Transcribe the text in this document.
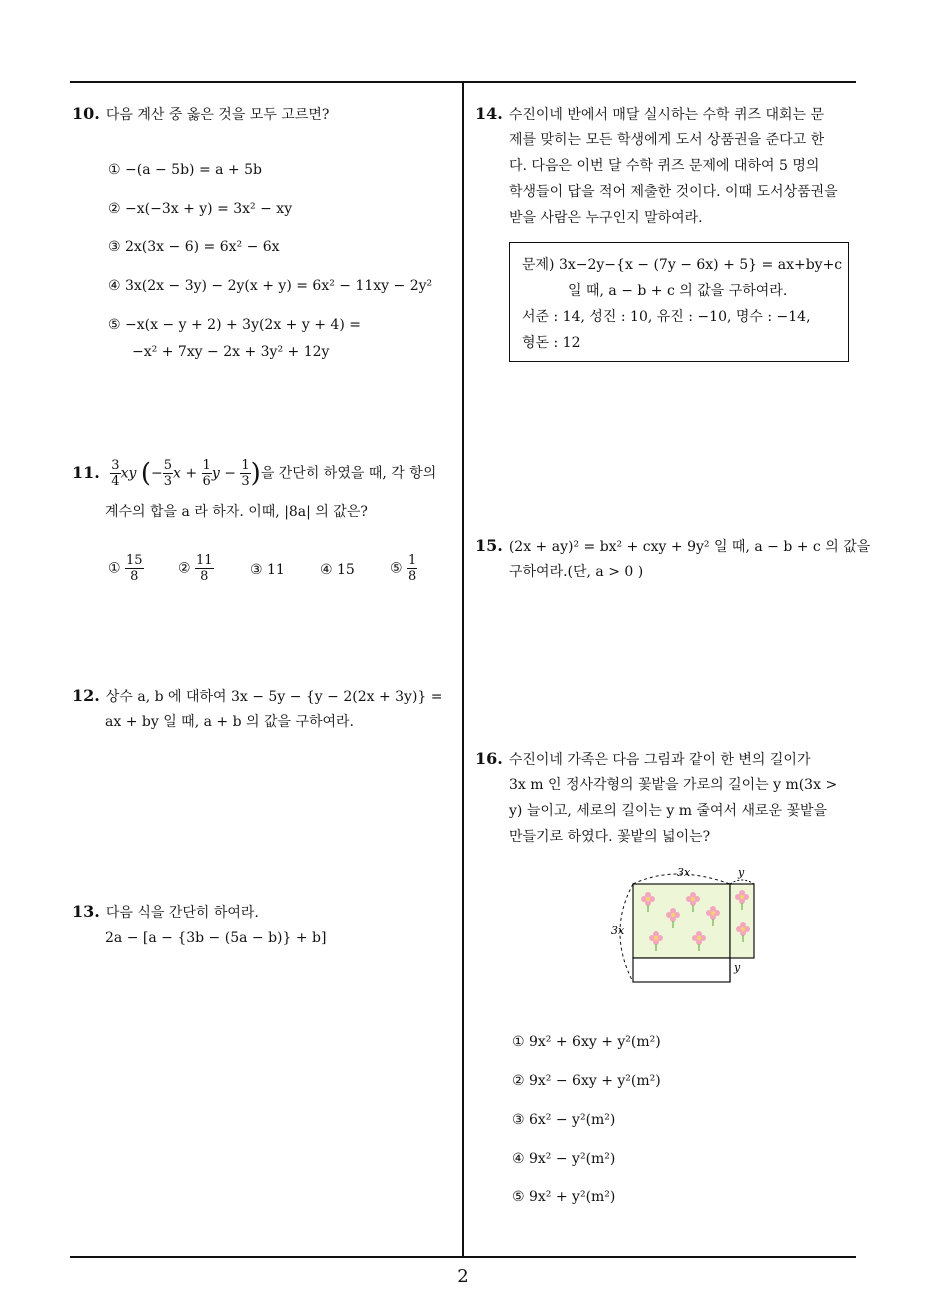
10. 다음 계산 중 옳은 것을 모두 고르면?
① −(a − 5b) = a + 5b
② −x(−3x + y) = 3x² − xy
③ 2x(3x − 6) = 6x² − 6x
④ 3x(2x − 3y) − 2y(x + y) = 6x² − 11xy − 2y²
⑤ −x(x − y + 2) + 3y(2x + y + 4) =
−x² + 7xy − 2x + 3y² + 12y
11. $\frac{3}{4}$ xy (− $\frac{5}{3}$ $x + \frac{1}{6}$ $y - \frac{1}{3}$ )을 간단히 하였을 때, 각 항의
계수의 합을 a 라 하자. 이때, |8a| 의 값은?
① $\frac{15}{8}$ ② $\frac{11}{8}$	③ 11	④ 15	⑤ $\frac{1}{8}$
12. 상수 a, b 에 대하여 3x − 5y − {y − 2(2x + 3y)} =
ax + by 일 때, a + b 의 값을 구하여라.
13. 다음 식을 간단히 하여라.
2a − [a − {3b − (5a − b)} + b]
14. 수진이네 반에서 매달 실시하는 수학 퀴즈 대회는 문
제를 맞히는 모든 학생에게 도서 상품권을 준다고 한
다. 다음은 이번 달 수학 퀴즈 문제에 대하여 5 명의
학생들이 답을 적어 제출한 것이다. 이때 도서상품권을
받을 사람은 누구인지 말하여라.
문제) 3x−2y−{x − (7y − 6x) + 5} = ax+by+c
일 때, a − b + c 의 값을 구하여라.
서준 : 14, 성진 : 10, 유진 : −10, 명수 : −14,
형돈 : 12
15. (2x + ay)² = bx² + cxy + 9y² 일 때, a − b + c 의 값을
구하여라.(단, a > 0 )
16. 수진이네 가족은 다음 그림과 같이 한 변의 길이가
3x m 인 정사각형의 꽃밭을 가로의 길이는 y m(3x >
y) 늘이고, 세로의 길이는 y m 줄여서 새로운 꽃밭을
만들기로 하였다. 꽃밭의 넓이는?
3x
3x
y
y
① 9x² + 6xy + y²(m²)
② 9x² − 6xy + y²(m²)
③ 6x² − y²(m²)
④ 9x² − y²(m²)
⑤ 9x² + y²(m²)
2
